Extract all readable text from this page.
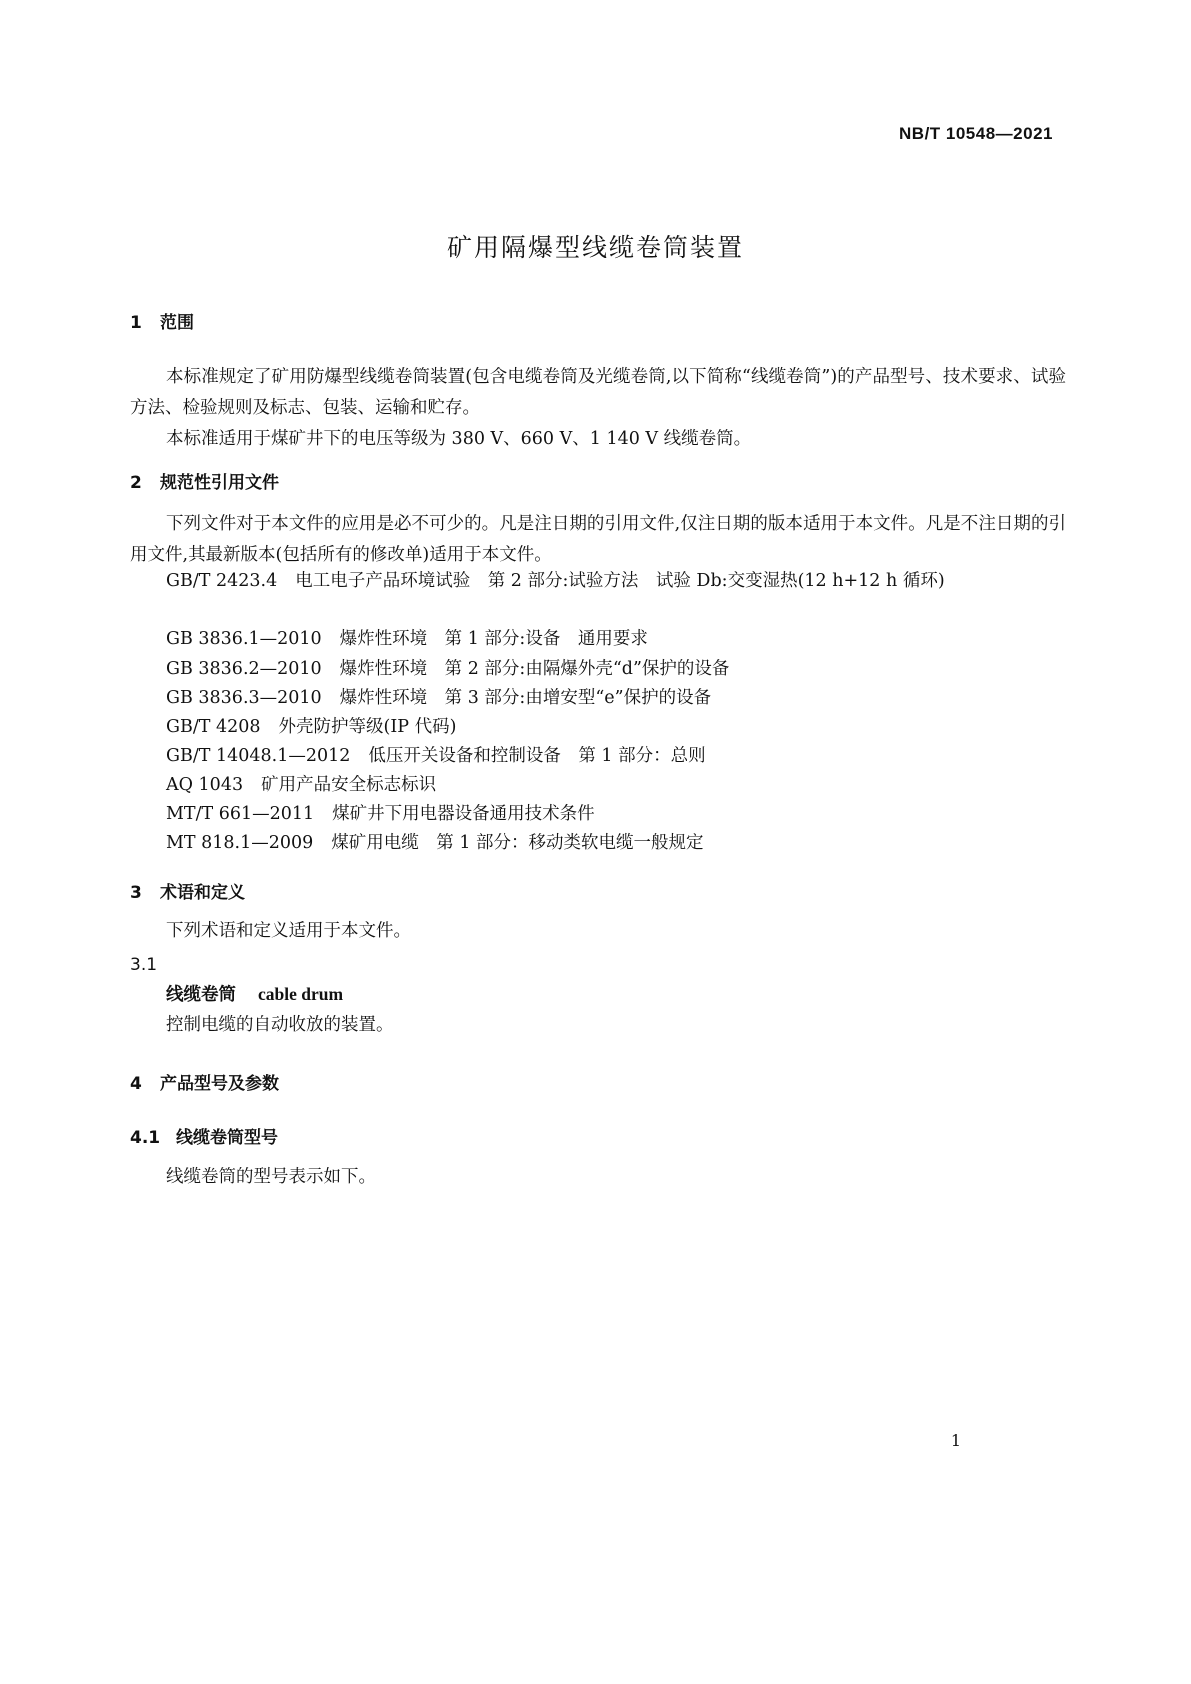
NB/T 10548—2021
矿用隔爆型线缆卷筒装置
1 范围

本标准规定了矿用防爆型线缆卷筒装置(包含电缆卷筒及光缆卷筒,以下简称“线缆卷筒”)的产品型号、技术要求、试验方法、检验规则及标志、包装、运输和贮存。

本标准适用于煤矿井下的电压等级为 380 V、660 V、1 140 V 线缆卷筒。

2 规范性引用文件

下列文件对于本文件的应用是必不可少的。凡是注日期的引用文件,仅注日期的版本适用于本文件。凡是不注日期的引用文件,其最新版本(包括所有的修改单)适用于本文件。

GB/T 2423.4 电工电子产品环境试验　第 2 部分:试验方法　试验 Db:交变湿热(12 h+12 h 循环)

GB 3836.1—2010 爆炸性环境　第 1 部分:设备　通用要求
GB 3836.2—2010 爆炸性环境　第 2 部分:由隔爆外壳“d”保护的设备
GB 3836.3—2010 爆炸性环境　第 3 部分:由增安型“e”保护的设备
GB/T 4208 外壳防护等级(IP 代码)
GB/T 14048.1—2012 低压开关设备和控制设备　第 1 部分：总则
AQ 1043 矿用产品安全标志标识
MT/T 661—2011 煤矿井下用电器设备通用技术条件
MT 818.1—2009 煤矿用电缆　第 1 部分：移动类软电缆一般规定
3 术语和定义

下列术语和定义适用于本文件。

3.1
线缆卷筒 cable drum
控制电缆的自动收放的装置。
4 产品型号及参数
4.1 线缆卷筒型号

线缆卷筒的型号表示如下。

1
